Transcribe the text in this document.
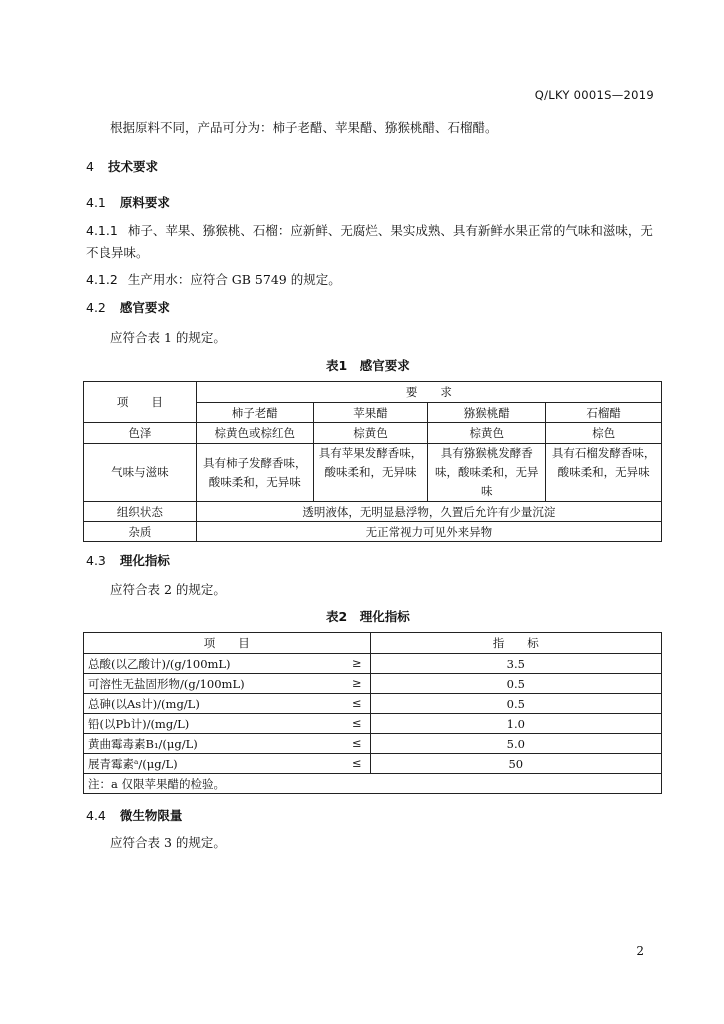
Q/LKY 0001S—2019
根据原料不同，产品可分为：柿子老醋、苹果醋、猕猴桃醋、石榴醋。
4 技术要求
4.1 原料要求
4.1.1 柿子、苹果、猕猴桃、石榴：应新鲜、无腐烂、果实成熟、具有新鲜水果正常的气味和滋味，无不良异味。
4.1.2 生产用水：应符合 GB 5749 的规定。
4.2 感官要求
应符合表 1 的规定。
表1　感官要求
项　　目	要　　求			
	柿子老醋	苹果醋	猕猴桃醋	石榴醋
色泽	棕黄色或棕红色	棕黄色	棕黄色	棕色
气味与滋味	具有柿子发酵香味，
酸味柔和，无异味	具有苹果发酵香味，
酸味柔和，无异味	具有猕猴桃发酵香
味，酸味柔和，无异
味	具有石榴发酵香味，
酸味柔和，无异味
组织状态	透明液体，无明显悬浮物，久置后允许有少量沉淀			
杂质	无正常视力可见外来异物			
4.3 理化指标
应符合表 2 的规定。
表2　理化指标
项　　目	指　　标
总酸(以乙酸计)/(g/100mL) ≥	3.5
可溶性无盐固形物/(g/100mL) ≥	0.5
总砷(以As计)/(mg/L) ≤	0.5
铅(以Pb计)/(mg/L) ≤	1.0
黄曲霉毒素B₁/(μg/L) ≤	5.0
展青霉素ᵃ/(μg/L) ≤	50
注：a 仅限苹果醋的检验。	
4.4 微生物限量
应符合表 3 的规定。
2
